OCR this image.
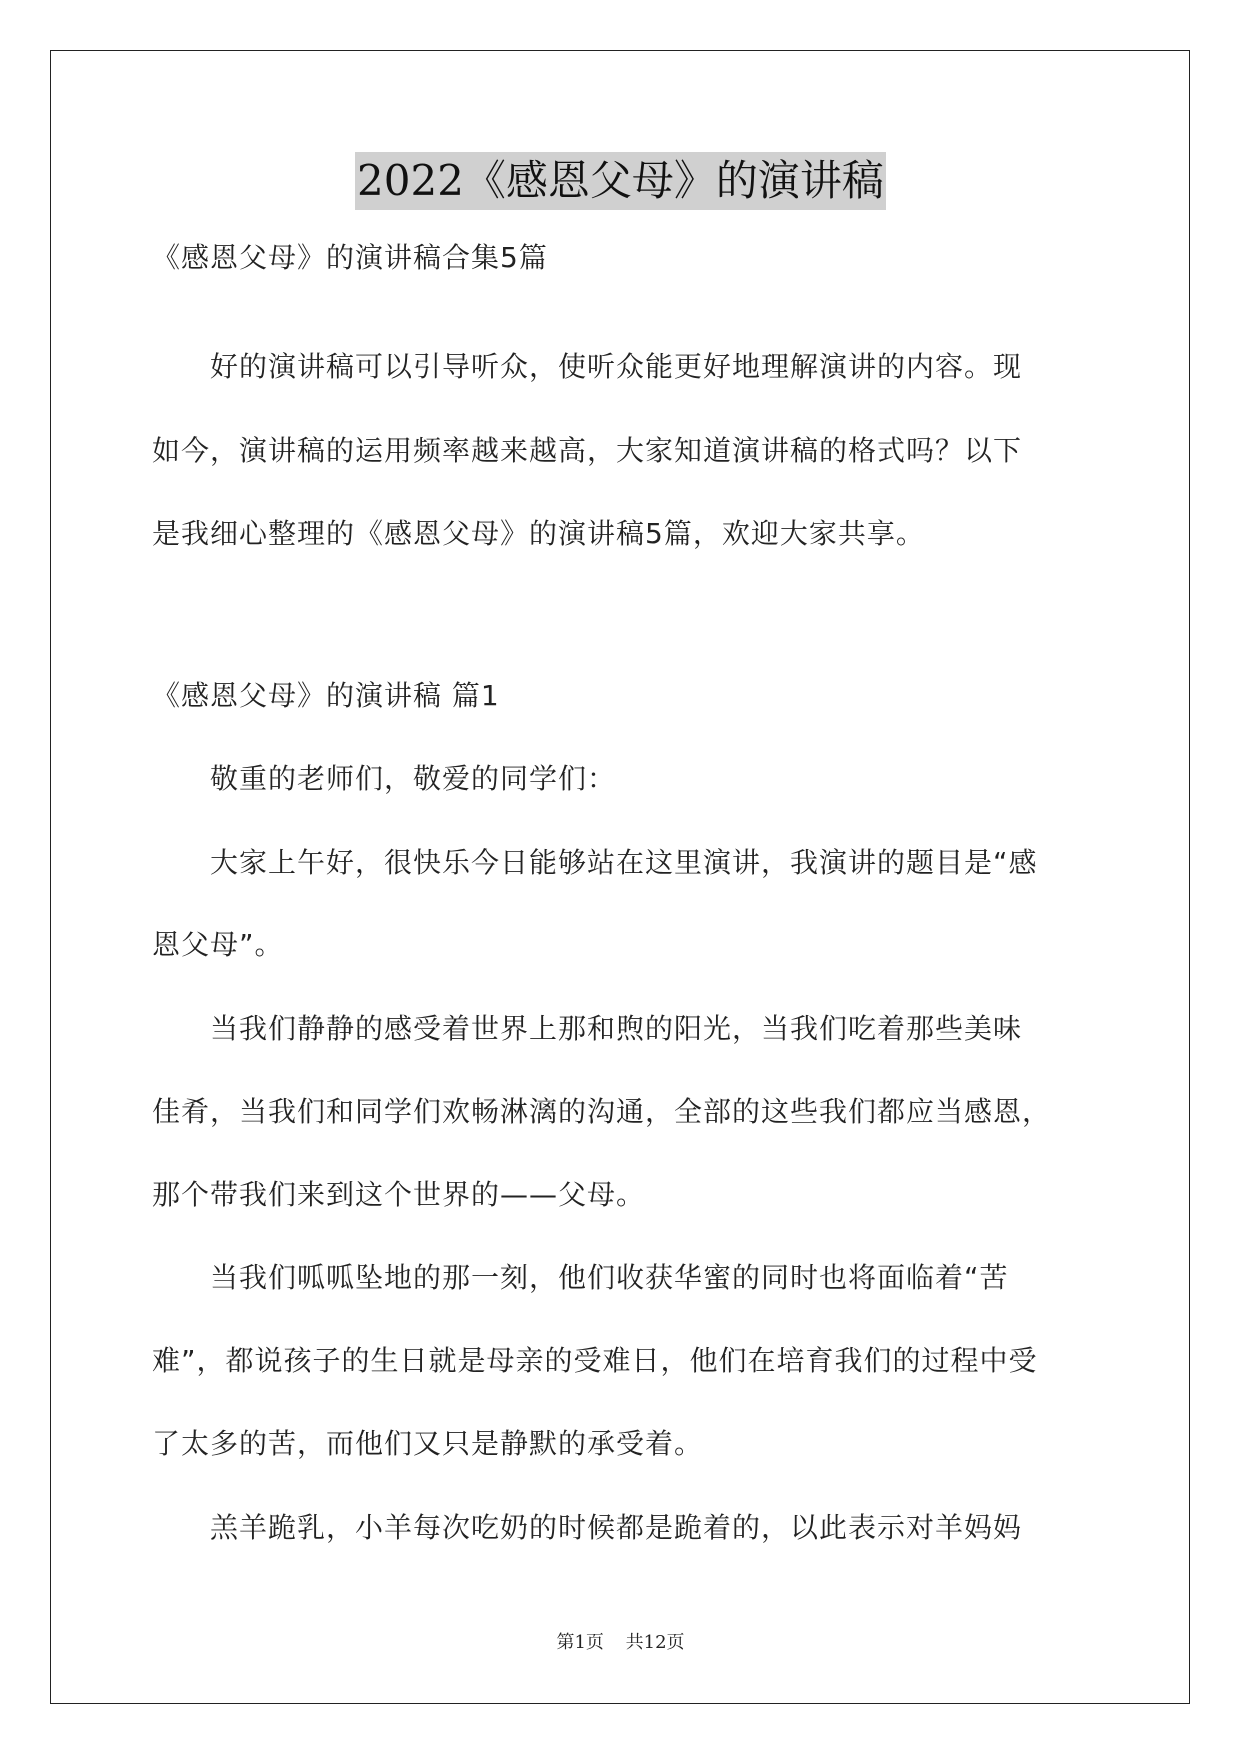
2022《感恩父母》的演讲稿
《感恩父母》的演讲稿合集5篇
　　好的演讲稿可以引导听众，使听众能更好地理解演讲的内容。现
如今，演讲稿的运用频率越来越高，大家知道演讲稿的格式吗？以下
是我细心整理的《感恩父母》的演讲稿5篇，欢迎大家共享。
《感恩父母》的演讲稿 篇1
　　敬重的老师们，敬爱的同学们：
　　大家上午好，很快乐今日能够站在这里演讲，我演讲的题目是“感
恩父母”。
　　当我们静静的感受着世界上那和煦的阳光，当我们吃着那些美味
佳肴，当我们和同学们欢畅淋漓的沟通，全部的这些我们都应当感恩，
那个带我们来到这个世界的——父母。
　　当我们呱呱坠地的那一刻，他们收获华蜜的同时也将面临着“苦
难”，都说孩子的生日就是母亲的受难日，他们在培育我们的过程中受
了太多的苦，而他们又只是静默的承受着。
　　羔羊跪乳，小羊每次吃奶的时候都是跪着的，以此表示对羊妈妈
第1页 共12页
